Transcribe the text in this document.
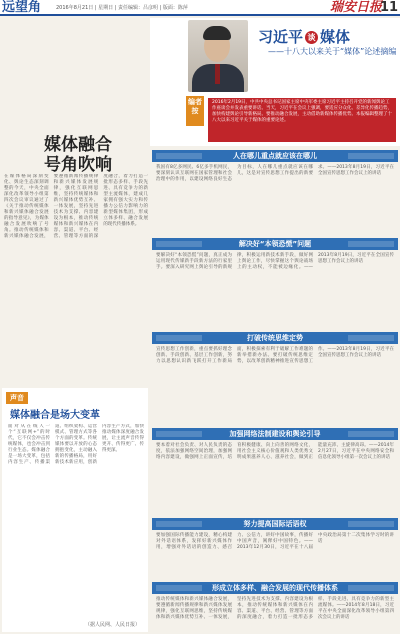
远望角	2016年8月21日 | 星期日 | 责任编辑：吕彦明 | 版面：陈萍	瑞安日报
11
习近平 谈 媒体
——十八大以来关于“媒体”论述摘编
编者按
2016年2月19日，中共中央总书记国家主席中央军委主席习近平主持召开党的新闻舆论工作座谈会并发表重要讲话。当天，习近平在会议上强调，要适应分众化、差异化传播趋势，加快构建舆论引导新格局。要推动融合发展，主动借助新媒体传播优势。本报编辑整理了十八大以来习近平关于媒体的重要论述。
媒体融合
号角吹响
在媒体格局深刻变化、舆论生态深刻调整的今天，中央全面深化改革领导小组第四次会议审议通过了《关于推动传统媒体和新兴媒体融合发展的指导意见》，为媒体融合发展吹响了号角。推动传统媒体和新兴媒体融合发展，要遵循新闻传播规律和新兴媒体发展规律，强化互联网思维，坚持传统媒体和新兴媒体优势互补、一体发展，坚持先进技术为支撑、内容建设为根本，推动传统媒体和新兴媒体在内容、渠道、平台、经营、管理等方面的深度融合，着力打造一批形态多样、手段先进、具有竞争力的新型主流媒体，建成几家拥有强大实力和传播力公信力影响力的新型媒体集团，形成立体多样、融合发展的现代传播体系。
声音
媒体融合是场大变革
面对从在线人一个“互联网+”的时代，它不仅会冲击传统媒体，也会冲击到行业生态。媒体融合是一场大变革，包括内容生产、传播渠道、组织架构、运营模式、管理方式等各个方面的变革。传统媒体要以开放的心态拥抱变化，主动融入新的传播格局，用好新技术新应用，创新内容生产方式，加快推动媒体深度融合发展，让主流声音传得更开、传得更广、传得更深。
（据人民网、人民日报）
人在哪儿重点就应该在哪儿
我国有8亿多网民、6亿多手机网民，要深刻认识互联网在国家管理和社会治理中的作用，以建设网络良好生态为目标，人在哪儿重点就应该在哪儿，这是对宣传思想工作提出的新要求。——2013年8月19日，习近平在全国宣传思想工作会议上的讲话
解决好“本领恐慌”问题
要解决好“本领恐慌”问题，真正成为运用现代传媒新手段新方法的行家里手。要深入研究网上舆论引导的新规律，积极运用新技术新手段，做好网上舆论工作，尽快掌握这个舆论战场上的主动权，不能被边缘化。——2013年8月19日，习近平在全国宣传思想工作会议上的讲话
打破传统思维定势
宣传思想工作创新，重点要抓好理念创新、手段创新、基层工作创新，努力以思想认识新飞跃打开工作新局面，积极探索有利于破解工作难题的新举措新办法。要打破传统思维定势，以改革创新精神推进宣传思想工作。——2013年8月19日，习近平在全国宣传思想工作会议上的讲话
加强网络法制建设和舆论引导
要本着对社会负责、对人民负责的态度，依法加强网络空间治理，加强网络内容建设，做强网上正面宣传，培育积极健康、向上向善的网络文化，用社会主义核心价值观和人类优秀文明成果滋养人心、滋养社会，做到正能量充沛、主旋律高昂。——2014年2月27日，习近平在中央网络安全和信息化领导小组第一次会议上的讲话
努力提高国际话语权
要加强国际传播能力建设，精心构建对外话语体系，发挥好新兴媒体作用，增强对外话语的创造力、感召力、公信力，讲好中国故事，传播好中国声音，阐释好中国特色。——2013年12月30日，习近平在十八届中央政治局第十二次集体学习时的讲话
形成立体多样、融合发展的现代传播体系
推动传统媒体和新兴媒体融合发展，要遵循新闻传播规律和新兴媒体发展规律，强化互联网思维，坚持传统媒体和新兴媒体优势互补、一体发展，坚持先进技术为支撑、内容建设为根本，推动传统媒体和新兴媒体在内容、渠道、平台、经营、管理等方面的深度融合，着力打造一批形态多样、手段先进、具有竞争力的新型主流媒体。——2014年8月18日，习近平在中央全面深化改革领导小组第四次会议上的讲话
